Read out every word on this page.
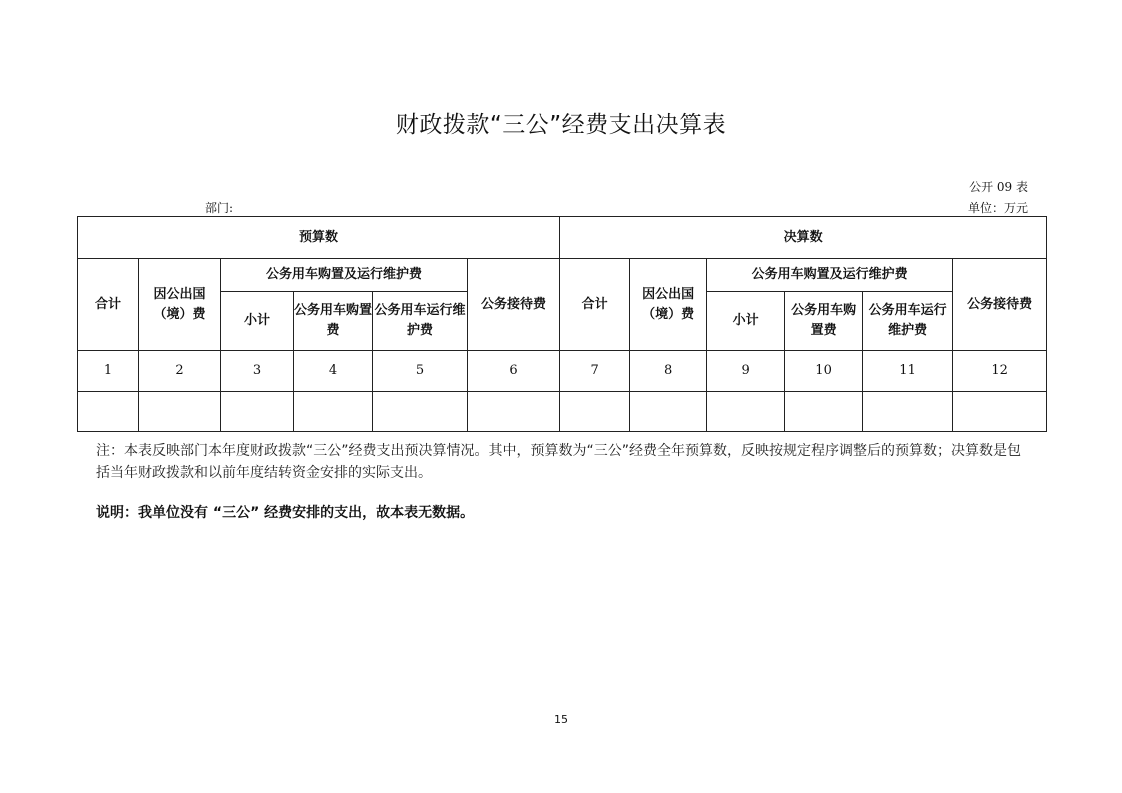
财政拨款“三公”经费支出决算表
公开 09 表
部门:	单位：万元
预算数						决算数					
合计	因公出国（境）费	公务用车购置及运行维护费			公务接待费	合计	因公出国（境）费	公务用车购置及运行维护费			公务接待费
		小计	公务用车购置费	公务用车运行维护费				小计	公务用车购置费	公务用车运行维护费	
1	2	3	4	5	6	7	8	9	10	11	12

注：本表反映部门本年度财政拨款“三公”经费支出预决算情况。其中，预算数为“三公”经费全年预算数，反映按规定程序调整后的预算数；决算数是包括当年财政拨款和以前年度结转资金安排的实际支出。
说明：我单位没有 “三公” 经费安排的支出，故本表无数据。
15
